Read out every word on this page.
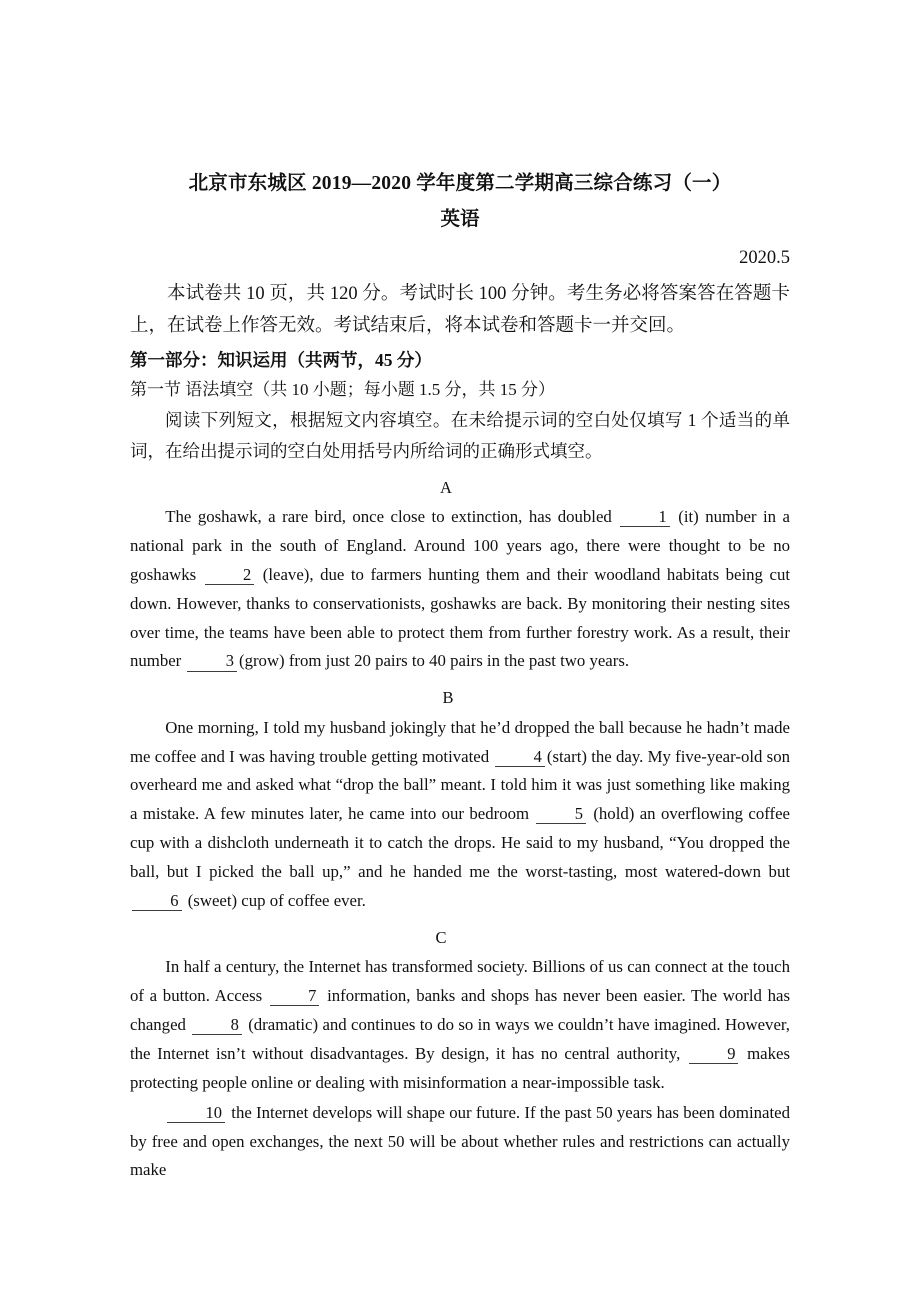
北京市东城区 2019—2020 学年度第二学期高三综合练习（一）
英语
2020.5
本试卷共 10 页，共 120 分。考试时长 100 分钟。考生务必将答案答在答题卡上，在试卷上作答无效。考试结束后，将本试卷和答题卡一并交回。
第一部分：知识运用（共两节，45 分）
第一节 语法填空（共 10 小题；每小题 1.5 分，共 15 分）
阅读下列短文，根据短文内容填空。在未给提示词的空白处仅填写 1 个适当的单词，在给出提示词的空白处用括号内所给词的正确形式填空。
A
The goshawk, a rare bird, once close to extinction, has doubled 1 (it) number in a national park in the south of England. Around 100 years ago, there were thought to be no goshawks 2 (leave), due to farmers hunting them and their woodland habitats being cut down. However, thanks to conservationists, goshawks are back. By monitoring their nesting sites over time, the teams have been able to protect them from further forestry work. As a result, their number 3 (grow) from just 20 pairs to 40 pairs in the past two years.
B
One morning, I told my husband jokingly that he’d dropped the ball because he hadn’t made me coffee and I was having trouble getting motivated 4 (start) the day. My five-year-old son overheard me and asked what “drop the ball” meant. I told him it was just something like making a mistake. A few minutes later, he came into our bedroom 5 (hold) an overflowing coffee cup with a dishcloth underneath it to catch the drops. He said to my husband, “You dropped the ball, but I picked the ball up,” and he handed me the worst-tasting, most watered-down but 6 (sweet) cup of coffee ever.
C
In half a century, the Internet has transformed society. Billions of us can connect at the touch of a button. Access 7 information, banks and shops has never been easier. The world has changed 8 (dramatic) and continues to do so in ways we couldn’t have imagined. However, the Internet isn’t without disadvantages. By design, it has no central authority, 9 makes protecting people online or dealing with misinformation a near-impossible task.
10 the Internet develops will shape our future. If the past 50 years has been dominated by free and open exchanges, the next 50 will be about whether rules and restrictions can actually make
